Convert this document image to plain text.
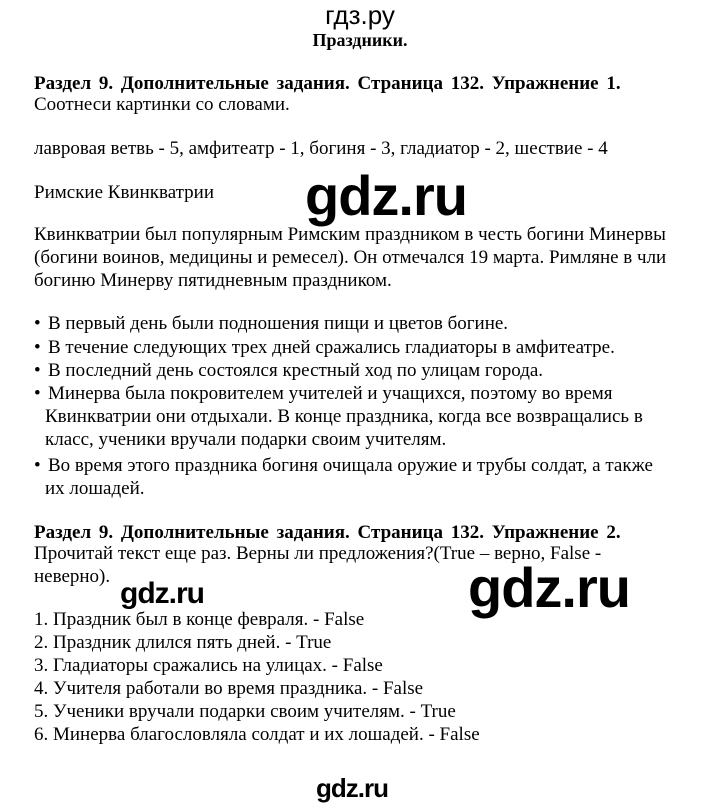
гдз.ру
Праздники.
Раздел 9. Дополнительные задания. Страница 132. Упражнение 1.
Соотнеси картинки со словами.
лавровая ветвь - 5, амфитеатр - 1, богиня - 3, гладиатор - 2, шествие - 4
Римские Квинкватрии
Квинкватрии был популярным Римским праздником в честь богини Минервы
(богини воинов, медицины и ремесел). Он отмечался 19 марта. Римляне в чли
богиню Минерву пятидневным праздником.
• В первый день были подношения пищи и цветов богине.
• В течение следующих трех дней сражались гладиаторы в амфитеатре.
• В последний день состоялся крестный ход по улицам города.
• Минерва была покровителем учителей и учащихся, поэтому во время
Квинкватрии они отдыхали. В конце праздника, когда все возвращались в
класс, ученики вручали подарки своим учителям.
• Во время этого праздника богиня очищала оружие и трубы солдат, а также
их лошадей.
Раздел 9. Дополнительные задания. Страница 132. Упражнение 2.
Прочитай текст еще раз. Верны ли предложения?(True – верно, False -
неверно).
1. Праздник был в конце февраля. - False
2. Праздник длился пять дней. - True
3. Гладиаторы сражались на улицах. - False
4. Учителя работали во время праздника. - False
5. Ученики вручали подарки своим учителям. - True
6. Минерва благословляла солдат и их лошадей. - False
gdz.ru
gdz.ru	gdz.ru
gdz.ru
